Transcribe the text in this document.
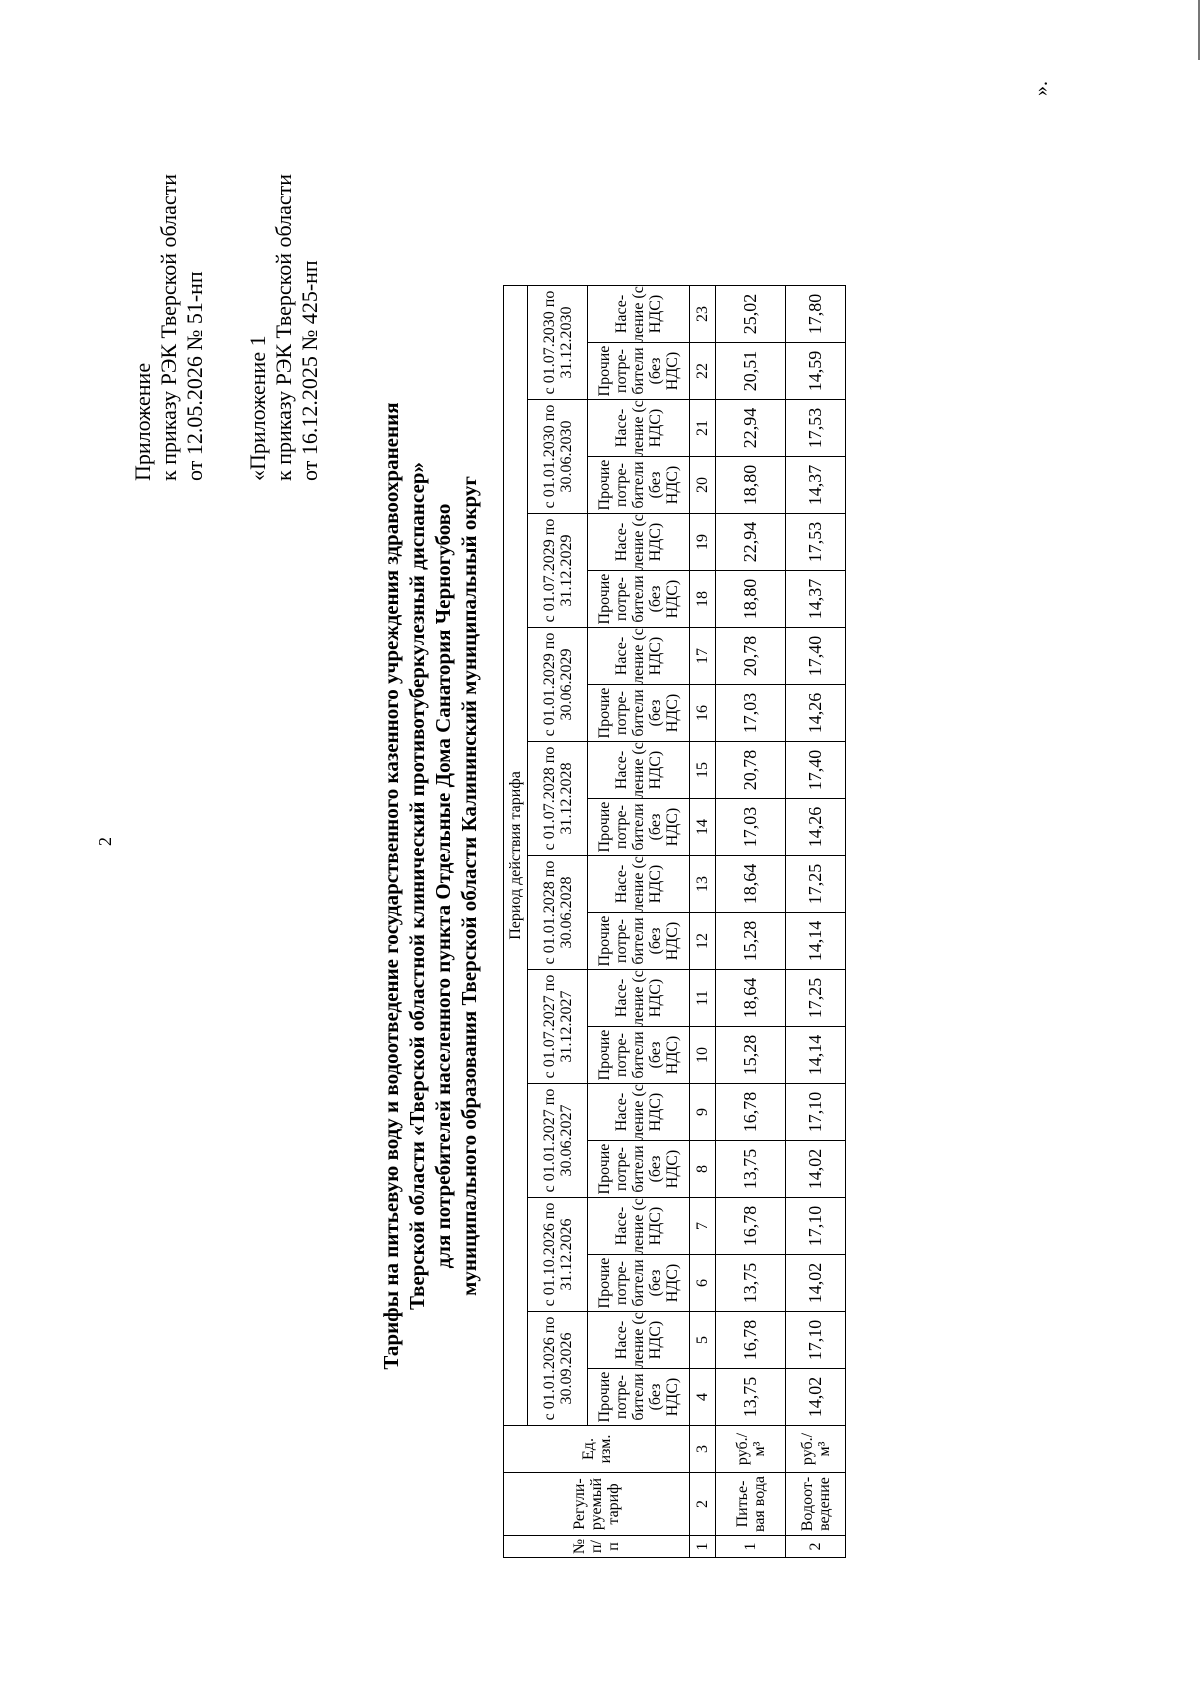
2
Приложение к приказу РЭК Тверской области от 12.05.2026 № 51-нп «Приложение 1 к приказу РЭК Тверской области от 16.12.2025 № 425-нп
Тарифы на питьевую воду и водоотведение государственного казенного учреждения здравоохранения Тверской области «Тверской областной клинический противотуберкулезный диспансер» для потребителей населенного пункта Отдельные Дома Санатория Черногубово муниципального образования Тверской области Калининский муниципальный округ
№ п/п	Регули-руемый тариф	Ед. изм.	Период действия тарифа																			
			с 01.01.2026 по 30.09.2026		с 01.10.2026 по 31.12.2026		с 01.01.2027 по 30.06.2027		с 01.07.2027 по 31.12.2027		с 01.01.2028 по 30.06.2028		с 01.07.2028 по 31.12.2028		с 01.01.2029 по 30.06.2029		с 01.07.2029 по 31.12.2029		с 01.01.2030 по 30.06.2030		с 01.07.2030 по 31.12.2030	
			Прочие потре-бители (без НДС)	Насе-ление (с НДС)	Прочие потре-бители (без НДС)	Насе-ление (с НДС)	Прочие потре-бители (без НДС)	Насе-ление (с НДС)	Прочие потре-бители (без НДС)	Насе-ление (с НДС)	Прочие потре-бители (без НДС)	Насе-ление (с НДС)	Прочие потре-бители (без НДС)	Насе-ление (с НДС)	Прочие потре-бители (без НДС)	Насе-ление (с НДС)	Прочие потре-бители (без НДС)	Насе-ление (с НДС)	Прочие потре-бители (без НДС)	Насе-ление (с НДС)	Прочие потре-бители (без НДС)	Насе-ление (с НДС)
1	2	3	4	5	6	7	8	9	10	11	12	13	14	15	16	17	18	19	20	21	22	23
1	Питье-вая вода	руб./м³	13,75	16,78	13,75	16,78	13,75	16,78	15,28	18,64	15,28	18,64	17,03	20,78	17,03	20,78	18,80	22,94	18,80	22,94	20,51	25,02
2	Водоот-ведение	руб./м³	14,02	17,10	14,02	17,10	14,02	17,10	14,14	17,25	14,14	17,25	14,26	17,40	14,26	17,40	14,37	17,53	14,37	17,53	14,59	17,80
».
